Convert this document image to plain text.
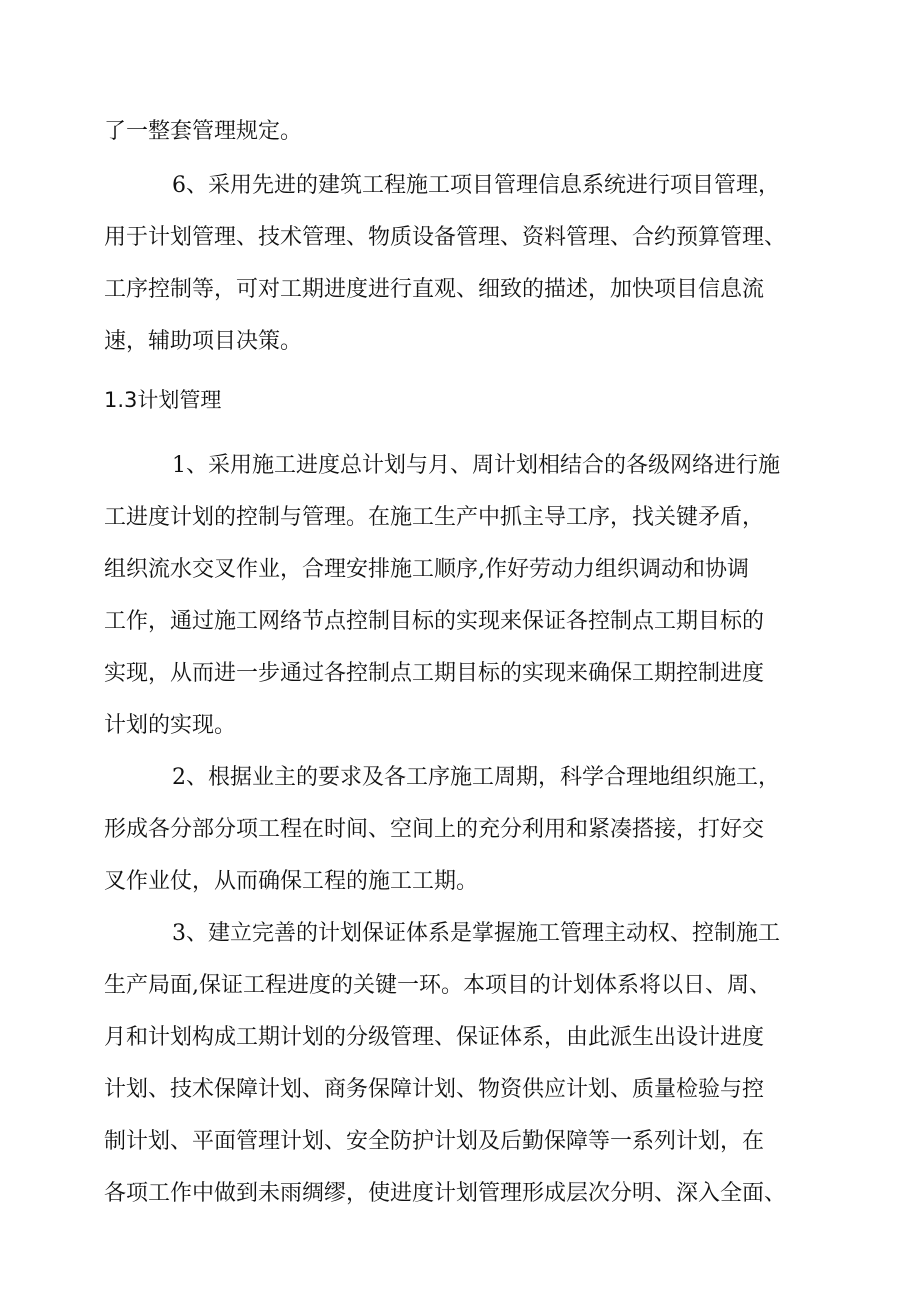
了一整套管理规定。
6、采用先进的建筑工程施工项目管理信息系统进行项目管理，
用于计划管理、技术管理、物质设备管理、资料管理、合约预算管理、
工序控制等，可对工期进度进行直观、细致的描述，加快项目信息流
速，辅助项目决策。
1.3计划管理
1、采用施工进度总计划与月、周计划相结合的各级网络进行施
工进度计划的控制与管理。在施工生产中抓主导工序，找关键矛盾，
组织流水交叉作业，合理安排施工顺序,作好劳动力组织调动和协调
工作，通过施工网络节点控制目标的实现来保证各控制点工期目标的
实现，从而进一步通过各控制点工期目标的实现来确保工期控制进度
计划的实现。
2、根据业主的要求及各工序施工周期，科学合理地组织施工，
形成各分部分项工程在时间、空间上的充分利用和紧凑搭接，打好交
叉作业仗，从而确保工程的施工工期。
3、建立完善的计划保证体系是掌握施工管理主动权、控制施工
生产局面,保证工程进度的关键一环。本项目的计划体系将以日、周、
月和计划构成工期计划的分级管理、保证体系，由此派生出设计进度
计划、技术保障计划、商务保障计划、物资供应计划、质量检验与控
制计划、平面管理计划、安全防护计划及后勤保障等一系列计划，在
各项工作中做到未雨绸缪，使进度计划管理形成层次分明、深入全面、
